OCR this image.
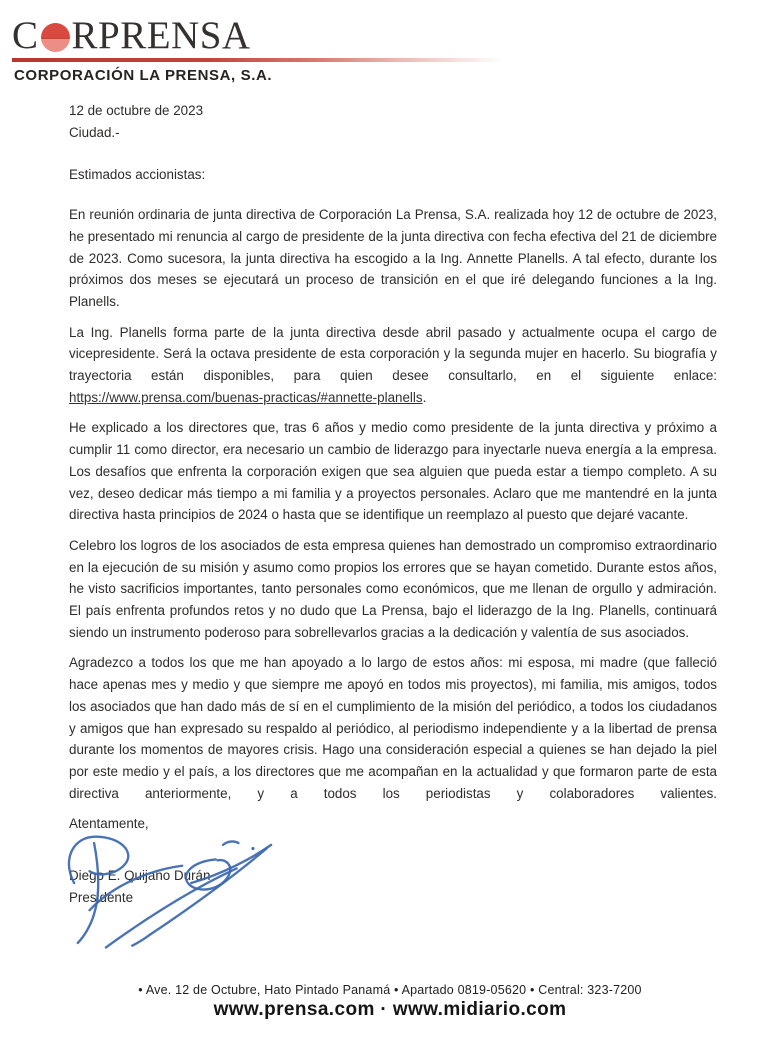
C RPRENSA
CORPORACIÓN LA PRENSA, S.A.
12 de octubre de 2023
Ciudad.-
Estimados accionistas:

En reunión ordinaria de junta directiva de Corporación La Prensa, S.A. realizada hoy 12 de octubre de 2023, he presentado mi renuncia al cargo de presidente de la junta directiva con fecha efectiva del 21 de diciembre de 2023. Como sucesora, la junta directiva ha escogido a la Ing. Annette Planells. A tal efecto, durante los próximos dos meses se ejecutará un proceso de transición en el que iré delegando funciones a la Ing. Planells.

La Ing. Planells forma parte de la junta directiva desde abril pasado y actualmente ocupa el cargo de vicepresidente. Será la octava presidente de esta corporación y la segunda mujer en hacerlo. Su biografía y trayectoria están disponibles, para quien desee consultarlo, en el siguiente enlace: https://www.prensa.com/buenas-practicas/#annette-planells.

He explicado a los directores que, tras 6 años y medio como presidente de la junta directiva y próximo a cumplir 11 como director, era necesario un cambio de liderazgo para inyectarle nueva energía a la empresa. Los desafíos que enfrenta la corporación exigen que sea alguien que pueda estar a tiempo completo. A su vez, deseo dedicar más tiempo a mi familia y a proyectos personales. Aclaro que me mantendré en la junta directiva hasta principios de 2024 o hasta que se identifique un reemplazo al puesto que dejaré vacante.

Celebro los logros de los asociados de esta empresa quienes han demostrado un compromiso extraordinario en la ejecución de su misión y asumo como propios los errores que se hayan cometido. Durante estos años, he visto sacrificios importantes, tanto personales como económicos, que me llenan de orgullo y admiración. El país enfrenta profundos retos y no dudo que La Prensa, bajo el liderazgo de la Ing. Planells, continuará siendo un instrumento poderoso para sobrellevarlos gracias a la dedicación y valentía de sus asociados.

Agradezco a todos los que me han apoyado a lo largo de estos años: mi esposa, mi madre (que falleció hace apenas mes y medio y que siempre me apoyó en todos mis proyectos), mi familia, mis amigos, todos los asociados que han dado más de sí en el cumplimiento de la misión del periódico, a todos los ciudadanos y amigos que han expresado su respaldo al periódico, al periodismo independiente y a la libertad de prensa durante los momentos de mayores crisis. Hago una consideración especial a quienes se han dejado la piel por este medio y el país, a los directores que me acompañan en la actualidad y que formaron parte de esta directiva anteriormente, y a todos los periodistas y colaboradores valientes.

Atentamente,
Diego E. Quijano Durán
Presidente
• Ave. 12 de Octubre, Hato Pintado Panamá • Apartado 0819-05620 • Central: 323-7200
www.prensa.com · www.midiario.com
